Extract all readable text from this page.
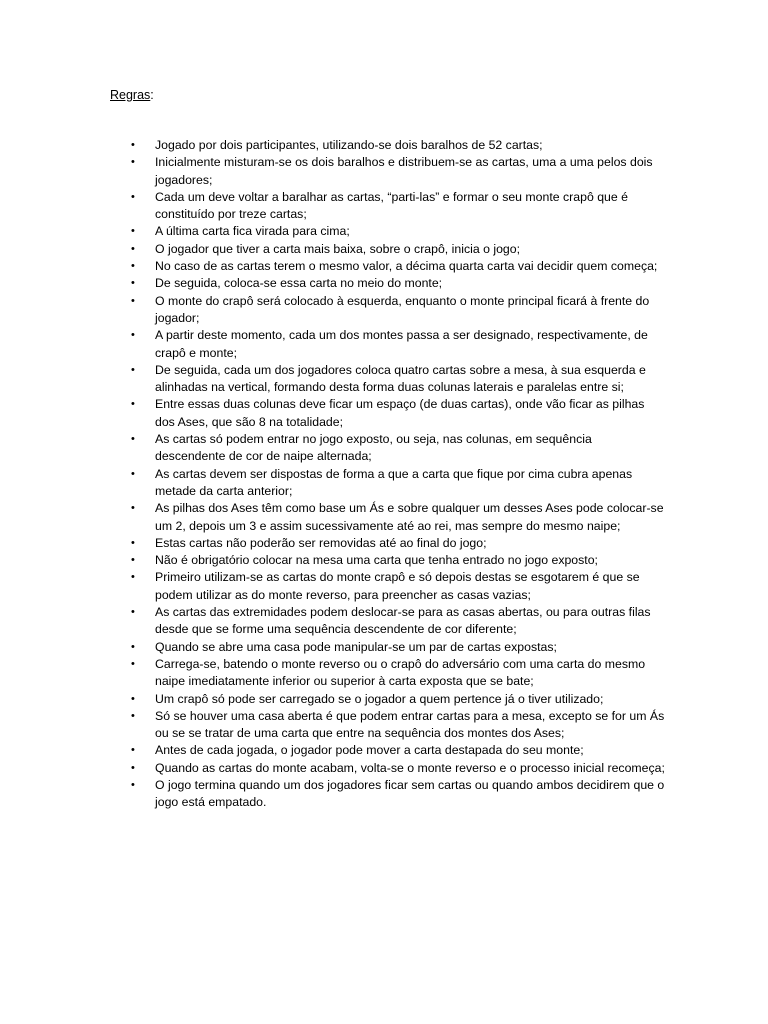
Regras:
• Jogado por dois participantes, utilizando-se dois baralhos de 52 cartas;
• Inicialmente misturam-se os dois baralhos e distribuem-se as cartas, uma a uma pelos dois jogadores;
• Cada um deve voltar a baralhar as cartas, “parti-las” e formar o seu monte crapô que é constituído por treze cartas;
• A última carta fica virada para cima;
• O jogador que tiver a carta mais baixa, sobre o crapô, inicia o jogo;
• No caso de as cartas terem o mesmo valor, a décima quarta carta vai decidir quem começa;
• De seguida, coloca-se essa carta no meio do monte;
• O monte do crapô será colocado à esquerda, enquanto o monte principal ficará à frente do jogador;
• A partir deste momento, cada um dos montes passa a ser designado, respectivamente, de crapô e monte;
• De seguida, cada um dos jogadores coloca quatro cartas sobre a mesa, à sua esquerda e alinhadas na vertical, formando desta forma duas colunas laterais e paralelas entre si;
• Entre essas duas colunas deve ficar um espaço (de duas cartas), onde vão ficar as pilhas dos Ases, que são 8 na totalidade;
• As cartas só podem entrar no jogo exposto, ou seja, nas colunas, em sequência descendente de cor de naipe alternada;
• As cartas devem ser dispostas de forma a que a carta que fique por cima cubra apenas metade da carta anterior;
• As pilhas dos Ases têm como base um Ás e sobre qualquer um desses Ases pode colocar-se um 2, depois um 3 e assim sucessivamente até ao rei, mas sempre do mesmo naipe;
• Estas cartas não poderão ser removidas até ao final do jogo;
• Não é obrigatório colocar na mesa uma carta que tenha entrado no jogo exposto;
• Primeiro utilizam-se as cartas do monte crapô e só depois destas se esgotarem é que se podem utilizar as do monte reverso, para preencher as casas vazias;
• As cartas das extremidades podem deslocar-se para as casas abertas, ou para outras filas desde que se forme uma sequência descendente de cor diferente;
• Quando se abre uma casa pode manipular-se um par de cartas expostas;
• Carrega-se, batendo o monte reverso ou o crapô do adversário com uma carta do mesmo naipe imediatamente inferior ou superior à carta exposta que se bate;
• Um crapô só pode ser carregado se o jogador a quem pertence já o tiver utilizado;
• Só se houver uma casa aberta é que podem entrar cartas para a mesa, excepto se for um Ás ou se se tratar de uma carta que entre na sequência dos montes dos Ases;
• Antes de cada jogada, o jogador pode mover a carta destapada do seu monte;
• Quando as cartas do monte acabam, volta-se o monte reverso e o processo inicial recomeça;
• O jogo termina quando um dos jogadores ficar sem cartas ou quando ambos decidirem que o jogo está empatado.
